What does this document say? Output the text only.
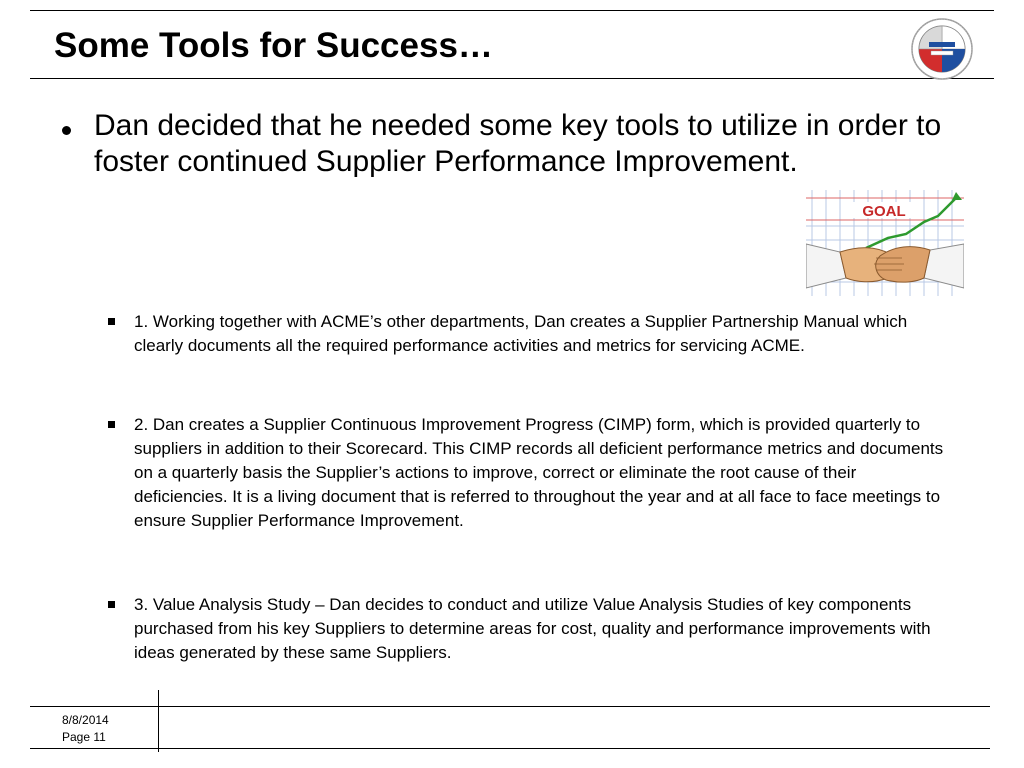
Some Tools for Success…

Dan decided that he needed some key tools to utilize in order to foster continued Supplier Performance Improvement.

GOAL
1. Working together with ACME’s other departments, Dan creates a Supplier Partnership Manual which clearly documents all the required performance activities and metrics for servicing ACME.
2. Dan creates a Supplier Continuous Improvement Progress (CIMP) form, which is provided quarterly to suppliers in addition to their Scorecard. This CIMP records all deficient performance metrics and documents on a quarterly basis the Supplier’s actions to improve, correct or eliminate the root cause of their deficiencies. It is a living document that is referred to throughout the year and at all face to face meetings to ensure Supplier Performance Improvement.
3. Value Analysis Study – Dan decides to conduct and utilize Value Analysis Studies of key components purchased from his key Suppliers to determine areas for cost, quality and performance improvements with ideas generated by these same Suppliers.
8/8/2014
Page 11
